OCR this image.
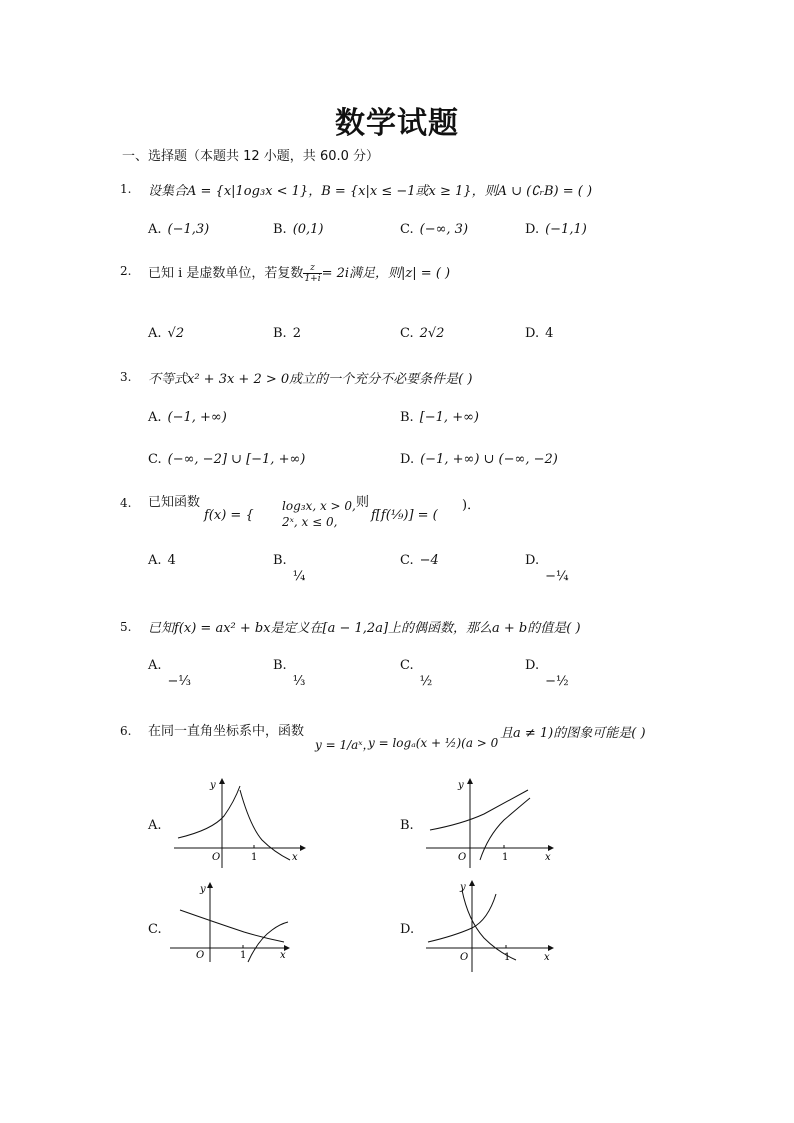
数学试题
一、选择题（本题共 12 小题，共 60.0 分）
1. 设集合A = {x|1og₃x < 1}，B = {x|x ≤ −1或x ≥ 1}，则A ∪ (∁ᵣB) = ( )
A. (−1,3)	B. (0,1)	C. (−∞, 3)	D. (−1,1)
2. 已知 i 是虚数单位，若复数 $\frac{z}{1+i} = 2i$满足，则|z| = ( )
A. √2	B. 2	C. 2√2	D. 4
3. 不等式x² + 3x + 2 > 0成立的一个充分不必要条件是( )
A. (−1, +∞)	B. [−1, +∞)
C. (−∞, −2] ∪ [−1, +∞)	D. (−1, +∞) ∪ (−∞, −2)
4. 已知函数
f(x) = {
log₃x, x > 0,
2ˣ, x ≤ 0,
则
f[f(⅑)] = (
)．
A. 4	B.¼
C. −4	D.−¼
5. 已知f(x) = ax² + bx是定义在[a − 1,2a]上的偶函数，那么a + b的值是( )
A.−⅓
B.⅓
C.½
D.−½
6. 在同一直角坐标系中，函数
y = 1/aˣ，
y = logₐ(x + ½)(a > 0
且a ≠ 1)的图象可能是( )
A.
O	1	x
y
B.
O	1	x
y
C.
O	1	x
y
D.
O	1	x
y
